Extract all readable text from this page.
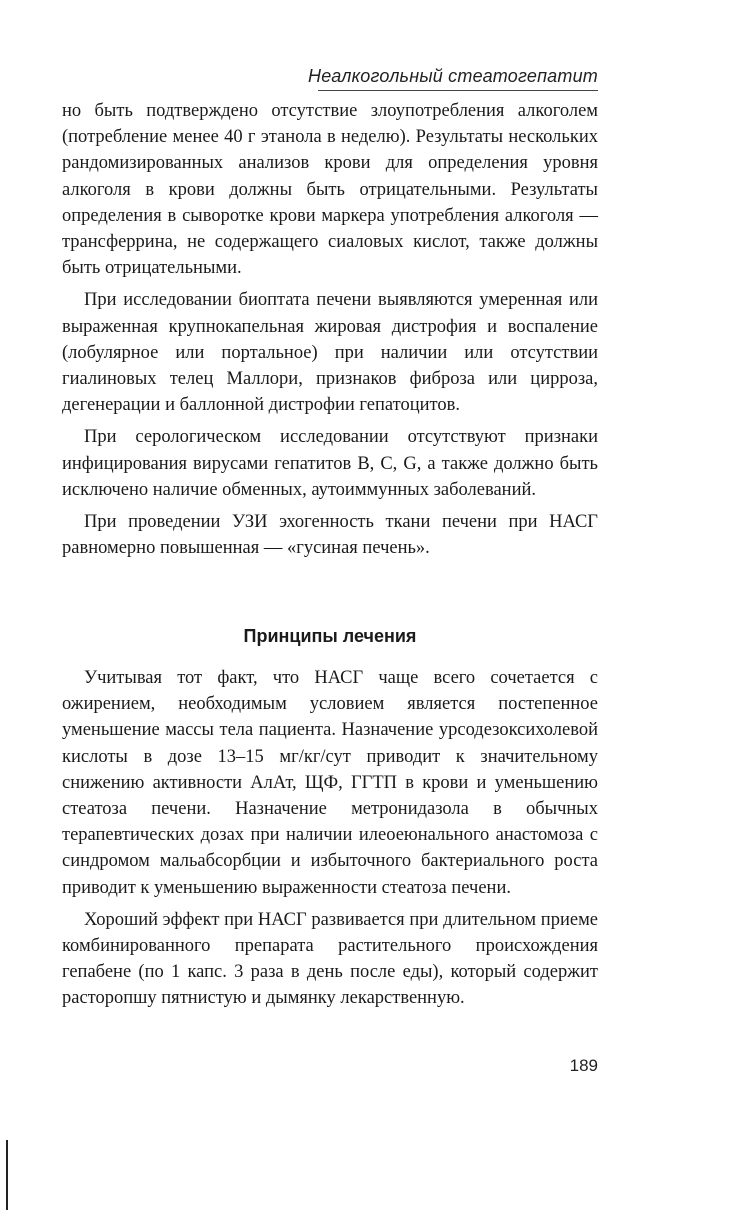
Неалкогольный стеатогепатит

но быть подтверждено отсутствие злоупотребления алкоголем (потребление менее 40 г этанола в неделю). Результаты нескольких рандомизированных анализов крови для определения уровня алкоголя в крови должны быть отрицательными. Результаты определения в сыворотке крови маркера употребления алкоголя — трансферрина, не содержащего сиаловых кислот, также должны быть отрицательными.

При исследовании биоптата печени выявляются умеренная или выраженная крупнокапельная жировая дистрофия и воспаление (лобулярное или портальное) при наличии или отсутствии гиалиновых телец Маллори, признаков фиброза или цирроза, дегенерации и баллонной дистрофии гепатоцитов.

При серологическом исследовании отсутствуют признаки инфицирования вирусами гепатитов В, С, G, а также должно быть исключено наличие обменных, аутоиммунных заболеваний.

При проведении УЗИ эхогенность ткани печени при НАСГ равномерно повышенная — «гусиная печень».

Принципы лечения

Учитывая тот факт, что НАСГ чаще всего сочетается с ожирением, необходимым условием является постепенное уменьшение массы тела пациента. Назначение урсодезоксихолевой кислоты в дозе 13–15 мг/кг/сут приводит к значительному снижению активности АлАт, ЩФ, ГГТП в крови и уменьшению стеатоза печени. Назначение метронидазола в обычных терапевтических дозах при наличии илеоеюнального анастомоза с синдромом мальабсорбции и избыточного бактериального роста приводит к уменьшению выраженности стеатоза печени.

Хороший эффект при НАСГ развивается при длительном приеме комбинированного препарата растительного происхождения гепабене (по 1 капс. 3 раза в день после еды), который содержит расторопшу пятнистую и дымянку лекарственную.

189
